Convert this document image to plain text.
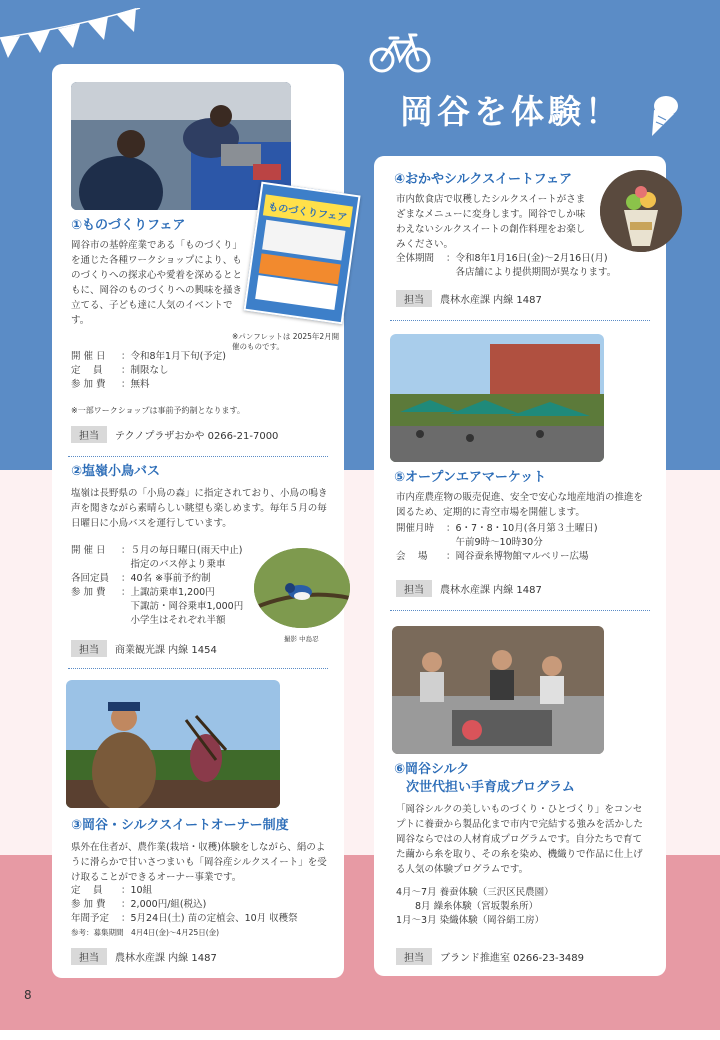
岡谷を体験！
ものづくりフェア
※パンフレットは 2025年2月開催のものです。
①ものづくりフェア
岡谷市の基幹産業である「ものづくり」を通じた各種ワークショップにより、ものづくりへの探求心や愛着を深めるとともに、岡谷のものづくりへの興味を掻き立てる、子ども達に人気のイベントです。
開 催 日	：令和8年1月下旬(予定)
定　 員	：制限なし
参 加 費	：無料
※一部ワークショップは事前予約制となります。
担当	テクノプラザおかや 0266-21-7000
②塩嶺小鳥バス
塩嶺は長野県の「小鳥の森」に指定されており、小鳥の鳴き声を聞きながら素晴らしい眺望も楽しめます。毎年５月の毎日曜日に小鳥バスを運行しています。
開 催 日	：５月の毎日曜日(雨天中止)
　指定のバス停より乗車
各回定員	：40名 ※事前予約制
参 加 費	：上諏訪乗車1,200円
　下諏訪・岡谷乗車1,000円
　小学生はそれぞれ半額
撮影 中島忍
担当	商業観光課 内線 1454
③岡谷・シルクスイートオーナー制度
県外在住者が、農作業(栽培・収穫)体験をしながら、絹のように滑らかで甘いさつまいも「岡谷産シルクスイート」を受け取ることができるオーナー事業です。
定　 員	：10組
参 加 費	：2,000円/組(税込)
年間予定	：5月24日(土) 苗の定植会、10月 収穫祭
参考：募集期間　4月4日(金)～4月25日(金)
担当	農林水産課 内線 1487
④おかやシルクスイートフェア
市内飲食店で収穫したシルクスイートがさまざまなメニューに変身します。岡谷でしか味わえないシルクスイートの創作料理をお楽しみください。
全体期間	：令和8年1月16日(金)～2月16日(月)
　各店舗により提供期間が異なります。
担当	農林水産課 内線 1487
⑤オープンエアマーケット
市内産農産物の販売促進、安全で安心な地産地消の推進を図るため、定期的に青空市場を開催します。
開催月時	：6・7・8・10月(各月第３土曜日)
　午前9時～10時30分
会　 場	：岡谷蚕糸博物館マルベリー広場
担当	農林水産課 内線 1487
⑥岡谷シルク
次世代担い手育成プログラム
「岡谷シルクの美しいものづくり・ひとづくり」をコンセプトに養蚕から製品化まで市内で完結する強みを活かした岡谷ならではの人材育成プログラムです。自分たちで育てた繭から糸を取り、その糸を染め、機織りで作品に仕上げる人気の体験プログラムです。
4月～7月 養蚕体験（三沢区民農園）
　　8月 繰糸体験（宮坂製糸所）
1月～3月 染織体験（岡谷絹工房）
担当	ブランド推進室 0266-23-3489
8
